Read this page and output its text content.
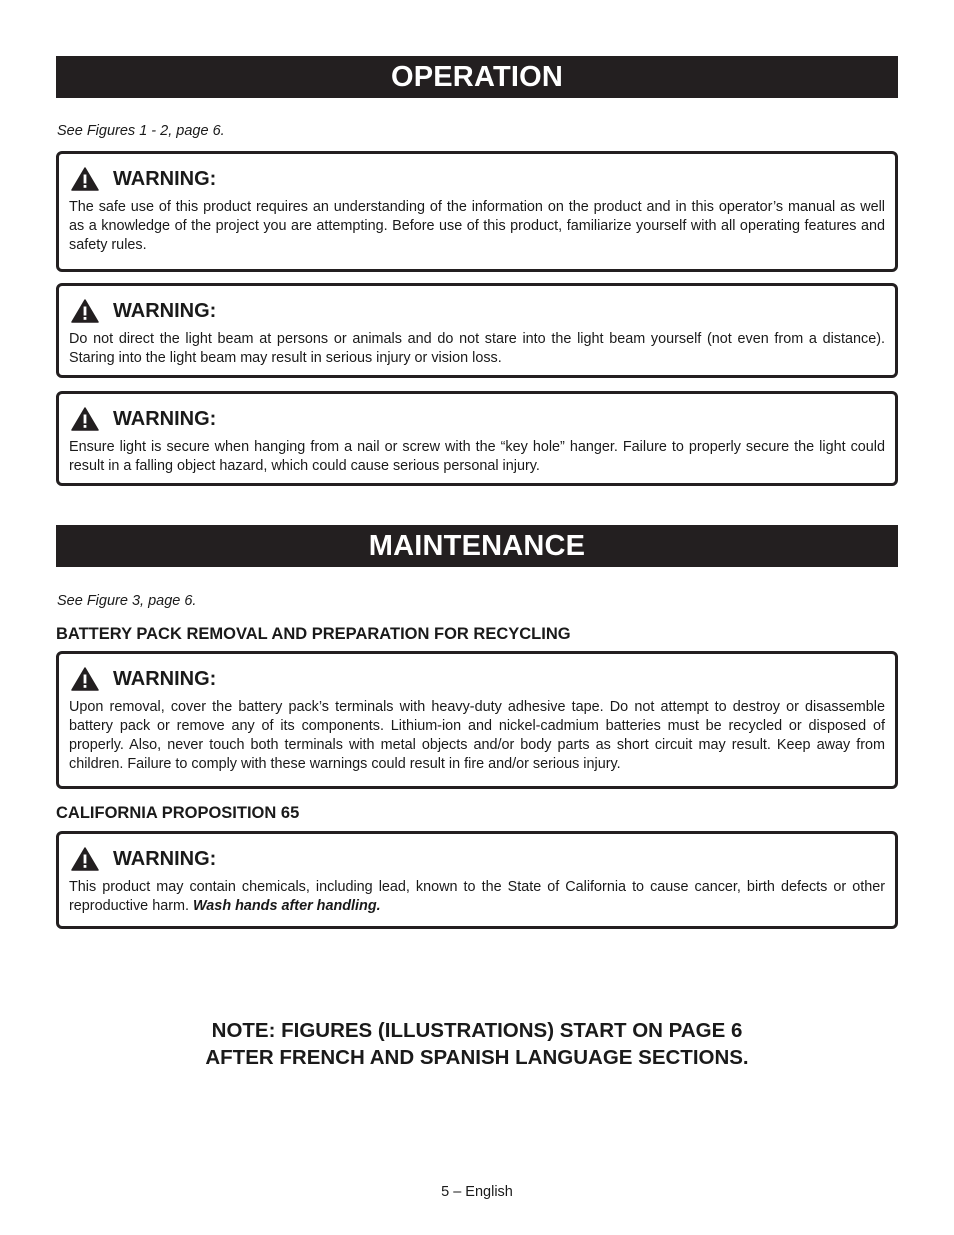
OPERATION
See Figures 1 - 2, page 6.
WARNING:
The safe use of this product requires an understanding of the information on the product and in this operator’s manual as well as a knowledge of the project you are attempting. Before use of this product, familiarize yourself with all operating features and safety rules.
WARNING:
Do not direct the light beam at persons or animals and do not stare into the light beam yourself (not even from a distance). Staring into the light beam may result in serious injury or vision loss.
WARNING:
Ensure light is secure when hanging from a nail or screw with the “key hole” hanger. Failure to properly secure the light could result in a falling object hazard, which could cause serious personal injury.
MAINTENANCE
See Figure 3, page 6.
BATTERY PACK REMOVAL AND PREPARATION FOR RECYCLING
WARNING:
Upon removal, cover the battery pack’s terminals with heavy-duty adhesive tape. Do not attempt to destroy or disassemble battery pack or remove any of its components. Lithium-ion and nickel-cadmium batteries must be recycled or disposed of properly. Also, never touch both terminals with metal objects and/or body parts as short circuit may result. Keep away from children. Failure to comply with these warnings could result in fire and/or serious injury.
CALIFORNIA PROPOSITION 65
WARNING:
This product may contain chemicals, including lead, known to the State of California to cause cancer, birth defects or other reproductive harm. Wash hands after handling.
NOTE: FIGURES (ILLUSTRATIONS) START ON PAGE 6
AFTER FRENCH AND SPANISH LANGUAGE SECTIONS.
5 – English
